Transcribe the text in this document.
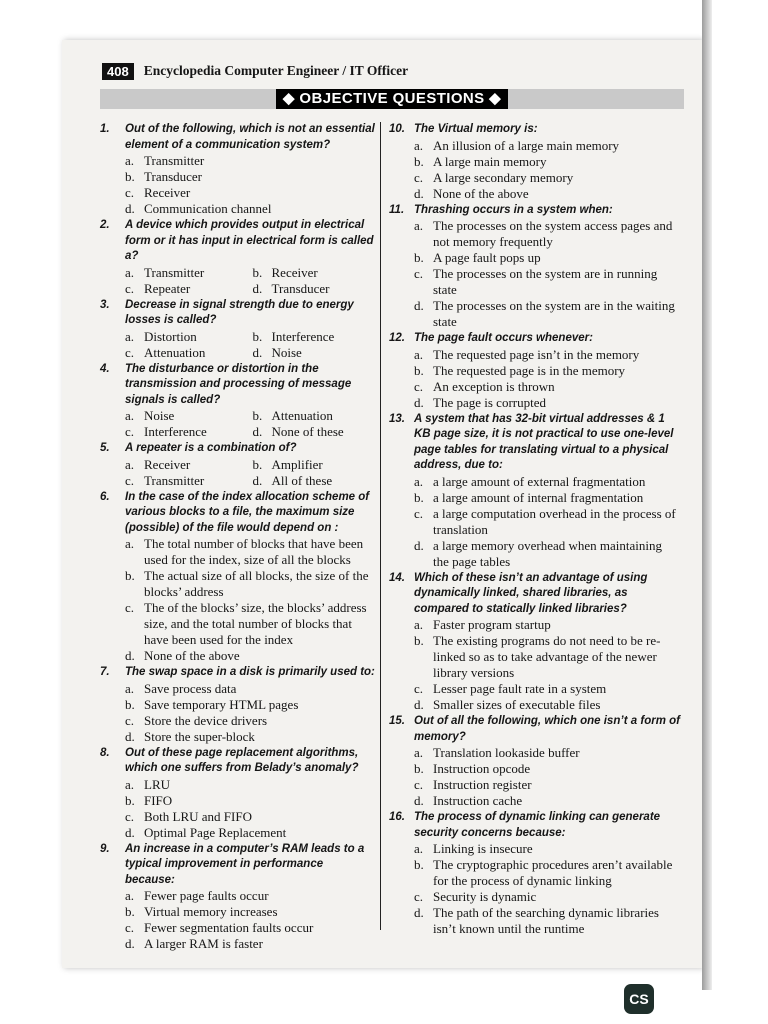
408	Encyclopedia Computer Engineer / IT Officer
◆ OBJECTIVE QUESTIONS ◆
1.	Out of the following, which is not an essential element of a communication system?
a. Transmitter
b. Transducer
c. Receiver
d. Communication channel
2.	A device which provides output in electrical form or it has input in electrical form is called a?
a. Transmitter	b. Receiver
c. Repeater	d. Transducer
3.	Decrease in signal strength due to energy losses is called?
a. Distortion	b. Interference
c. Attenuation	d. Noise
4.	The disturbance or distortion in the transmission and processing of message signals is called?
a. Noise	b. Attenuation
c. Interference	d. None of these
5.	A repeater is a combination of?
a. Receiver	b. Amplifier
c. Transmitter	d. All of these
6.	In the case of the index allocation scheme of various blocks to a file, the maximum size (possible) of the file would depend on :
a. The total number of blocks that have been used for the index, size of all the blocks
b. The actual size of all blocks, the size of the blocks’ address
c. The of the blocks’ size, the blocks’ address size, and the total number of blocks that have been used for the index
d. None of the above
7.	The swap space in a disk is primarily used to:
a. Save process data
b. Save temporary HTML pages
c. Store the device drivers
d. Store the super-block
8.	Out of these page replacement algorithms, which one suffers from Belady’s anomaly?
a. LRU
b. FIFO
c. Both LRU and FIFO
d. Optimal Page Replacement
9.	An increase in a computer’s RAM leads to a typical improvement in performance because:
a. Fewer page faults occur
b. Virtual memory increases
c. Fewer segmentation faults occur
d. A larger RAM is faster
10. The Virtual memory is:
a. An illusion of a large main memory
b. A large main memory
c. A large secondary memory
d. None of the above
11. Thrashing occurs in a system when:
a. The processes on the system access pages and not memory frequently
b. A page fault pops up
c. The processes on the system are in running state
d. The processes on the system are in the waiting state
12. The page fault occurs whenever:
a. The requested page isn’t in the memory
b. The requested page is in the memory
c. An exception is thrown
d. The page is corrupted
13. A system that has 32-bit virtual addresses & 1 KB page size, it is not practical to use one-level page tables for translating virtual to a physical address, due to:
a. a large amount of external fragmentation
b. a large amount of internal fragmentation
c. a large computation overhead in the process of translation
d. a large memory overhead when maintaining the page tables
14. Which of these isn’t an advantage of using dynamically linked, shared libraries, as compared to statically linked libraries?
a. Faster program startup
b. The existing programs do not need to be re-linked so as to take advantage of the newer library versions
c. Lesser page fault rate in a system
d. Smaller sizes of executable files
15. Out of all the following, which one isn’t a form of memory?
a. Translation lookaside buffer
b. Instruction opcode
c. Instruction register
d. Instruction cache
16. The process of dynamic linking can generate security concerns because:
a. Linking is insecure
b. The cryptographic procedures aren’t available for the process of dynamic linking
c. Security is dynamic
d. The path of the searching dynamic libraries isn’t known until the runtime
CS
